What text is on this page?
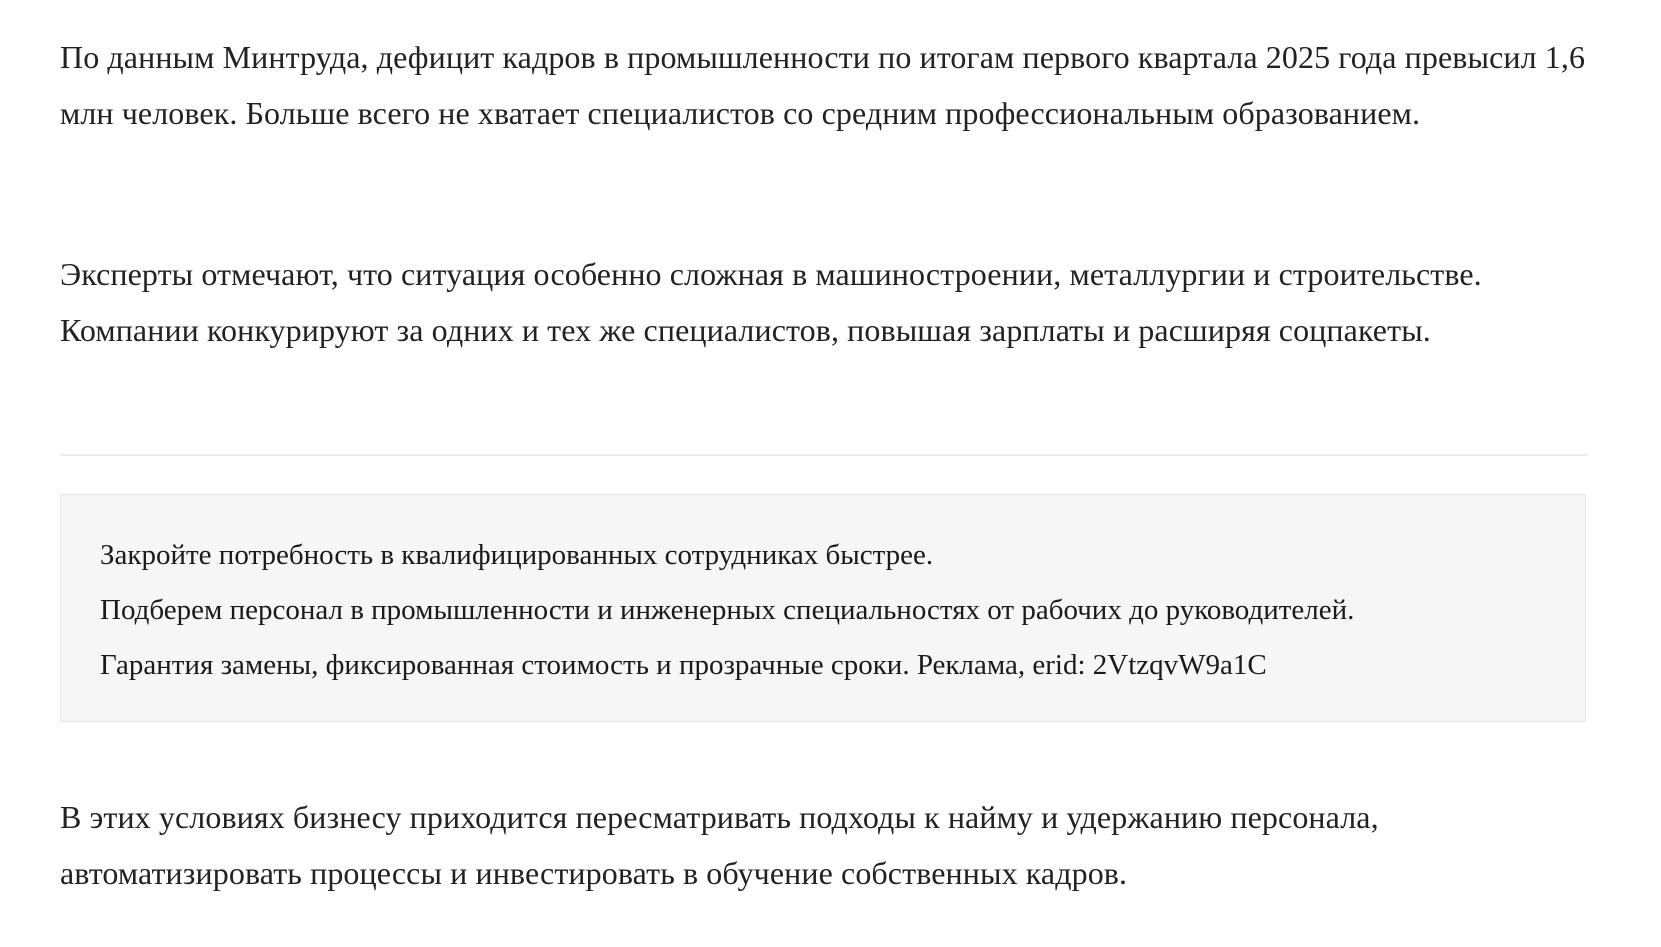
По данным Минтруда, дефицит кадров в промышленности по итогам первого квартала 2025 года превысил 1,6 млн человек. Больше всего не хватает специалистов со средним профессиональным образованием.

Эксперты отмечают, что ситуация особенно сложная в машиностроении, металлургии и строительстве. Компании конкурируют за одних и тех же специалистов, повышая зарплаты и расширяя соцпакеты.

Закройте потребность в квалифицированных сотрудниках быстрее.

Подберем персонал в промышленности и инженерных специальностях от рабочих до руководителей.

Гарантия замены, фиксированная стоимость и прозрачные сроки. Реклама, erid: 2VtzqvW9a1C

В этих условиях бизнесу приходится пересматривать подходы к найму и удержанию персонала, автоматизировать процессы и инвестировать в обучение собственных кадров.
